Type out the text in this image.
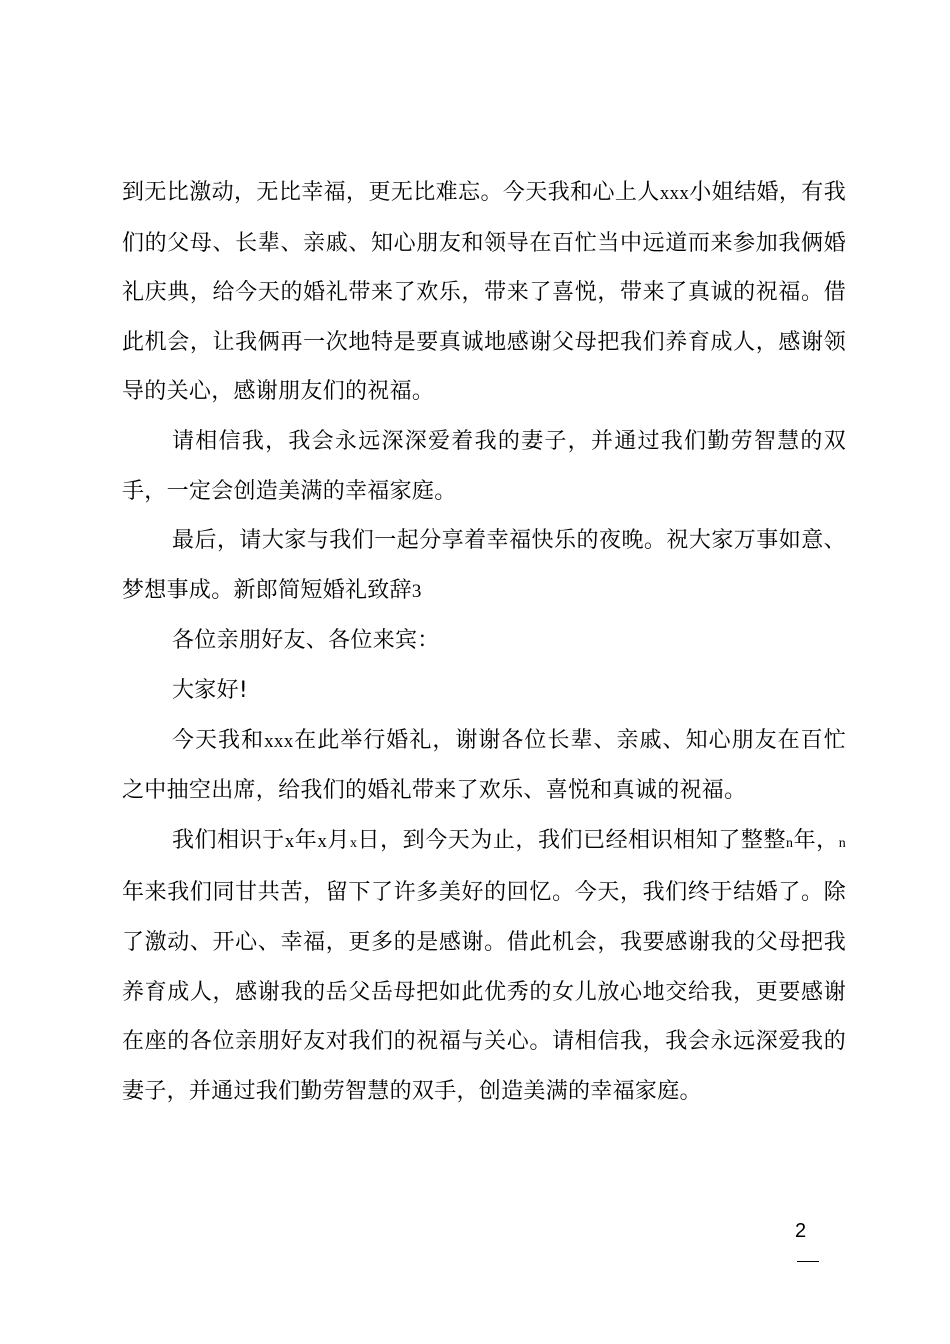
到无比激动，无比幸福，更无比难忘。今天我和心上人xxx小姐结婚，有我们的父母、长辈、亲戚、知心朋友和领导在百忙当中远道而来参加我俩婚礼庆典，给今天的婚礼带来了欢乐，带来了喜悦，带来了真诚的祝福。借此机会，让我俩再一次地特是要真诚地感谢父母把我们养育成人，感谢领导的关心，感谢朋友们的祝福。

请相信我，我会永远深深爱着我的妻子，并通过我们勤劳智慧的双手，一定会创造美满的幸福家庭。

最后，请大家与我们一起分享着幸福快乐的夜晚。祝大家万事如意、梦想事成。新郎简短婚礼致辞3

各位亲朋好友、各位来宾：

大家好!

今天我和xxx在此举行婚礼，谢谢各位长辈、亲戚、知心朋友在百忙之中抽空出席，给我们的婚礼带来了欢乐、喜悦和真诚的祝福。

我们相识于x年x月x日，到今天为止，我们已经相识相知了整整n年，n年来我们同甘共苦，留下了许多美好的回忆。今天，我们终于结婚了。除了激动、开心、幸福，更多的是感谢。借此机会，我要感谢我的父母把我养育成人，感谢我的岳父岳母把如此优秀的女儿放心地交给我，更要感谢在座的各位亲朋好友对我们的祝福与关心。请相信我，我会永远深爱我的妻子，并通过我们勤劳智慧的双手，创造美满的幸福家庭。

2
